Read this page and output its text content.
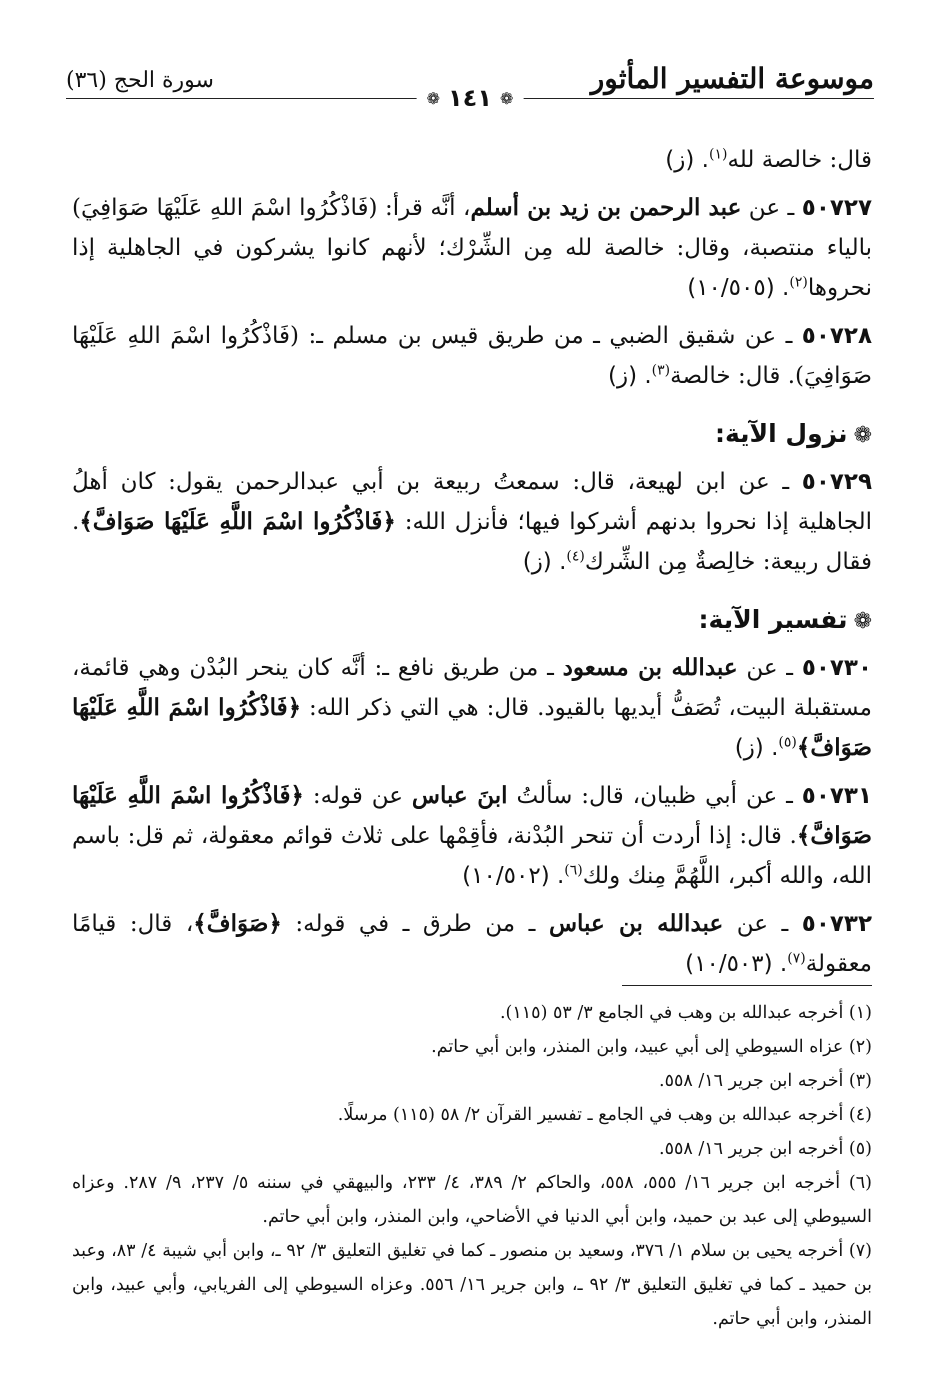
موسوعة التفسير المأثور
سورة الحج (٣٦)
❁
١٤١
❁

قال: خالصة لله$^{(١)}$. (ز)

٥٠٧٢٧ ـ عن عبد الرحمن بن زيد بن أسلم، أنَّه قرأ: (فَاذْكُرُوا اسْمَ اللهِ عَلَيْهَا صَوَافِيَ) بالياء منتصبة، وقال: خالصة لله مِن الشِّرْك؛ لأنهم كانوا يشركون في الجاهلية إذا نحروها$^{(٢)}$. (١٠/٥٠٥)

٥٠٧٢٨ ـ عن شقيق الضبي ـ من طريق قيس بن مسلم ـ: (فَاذْكُرُوا اسْمَ اللهِ عَلَيْهَا صَوَافِيَ). قال: خالصة$^{(٣)}$. (ز)

❁نزول الآية:

٥٠٧٢٩ ـ عن ابن لهيعة، قال: سمعتُ ربيعة بن أبي عبدالرحمن يقول: كان أهلُ الجاهلية إذا نحروا بدنهم أشركوا فيها؛ فأنزل الله: ﴿فَاذْكُرُوا اسْمَ اللَّهِ عَلَيْهَا صَوَافَّ﴾. فقال ربيعة: خالِصةٌ مِن الشِّرك$^{(٤)}$. (ز)

❁تفسير الآية:

٥٠٧٣٠ ـ عن عبدالله بن مسعود ـ من طريق نافع ـ: أنَّه كان ينحر البُدْن وهي قائمة، مستقبلة البيت، تُصَفُّ أيديها بالقيود. قال: هي التي ذكر الله: ﴿فَاذْكُرُوا اسْمَ اللَّهِ عَلَيْهَا صَوَافَّ﴾$^{(٥)}$. (ز)

٥٠٧٣١ ـ عن أبي ظبيان، قال: سألتُ ابنَ عباس عن قوله: ﴿فَاذْكُرُوا اسْمَ اللَّهِ عَلَيْهَا صَوَافَّ﴾. قال: إذا أردت أن تنحر البُدْنة، فأقِمْها على ثلاث قوائم معقولة، ثم قل: باسم الله، والله أكبر، اللَّهُمَّ مِنك ولك$^{(٦)}$. (١٠/٥٠٢)

٥٠٧٣٢ ـ عن عبدالله بن عباس ـ من طرق ـ في قوله: ﴿صَوَافَّ﴾، قال: قيامًا معقولة$^{(٧)}$. (١٠/٥٠٣)

(١) أخرجه عبدالله بن وهب في الجامع ٣/ ٥٣ (١١٥).

(٢) عزاه السيوطي إلى أبي عبيد، وابن المنذر، وابن أبي حاتم.

(٣) أخرجه ابن جرير ١٦/ ٥٥٨.

(٤) أخرجه عبدالله بن وهب في الجامع ـ تفسير القرآن ٢/ ٥٨ (١١٥) مرسلًا.

(٥) أخرجه ابن جرير ١٦/ ٥٥٨.

(٦) أخرجه ابن جرير ١٦/ ٥٥٥، ٥٥٨، والحاكم ٢/ ٣٨٩، ٤/ ٢٣٣، والبيهقي في سننه ٥/ ٢٣٧، ٩/ ٢٨٧. وعزاه السيوطي إلى عبد بن حميد، وابن أبي الدنيا في الأضاحي، وابن المنذر، وابن أبي حاتم.

(٧) أخرجه يحيى بن سلام ١/ ٣٧٦، وسعيد بن منصور ـ كما في تغليق التعليق ٣/ ٩٢ ـ، وابن أبي شيبة ٤/ ٨٣، وعبد بن حميد ـ كما في تغليق التعليق ٣/ ٩٢ ـ، وابن جرير ١٦/ ٥٥٦. وعزاه السيوطي إلى الفريابي، وأبي عبيد، وابن المنذر، وابن أبي حاتم.
